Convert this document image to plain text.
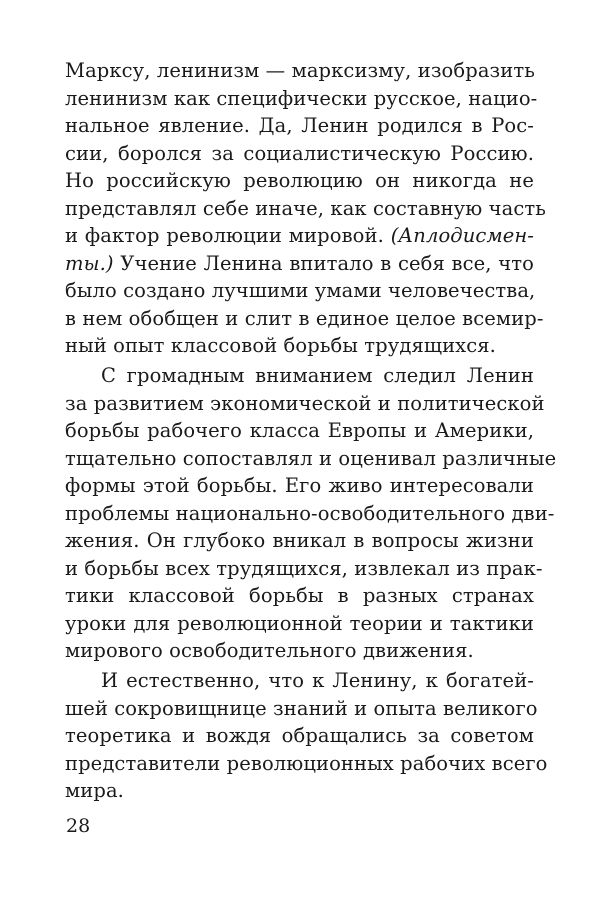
Марксу, ленинизм — марксизму, изобразить
ленинизм как специфически русское, нацио-
нальное явление. Да, Ленин родился в Рос-
сии, боролся за социалистическую Россию.
Но российскую революцию он никогда не
представлял себе иначе, как составную часть
и фактор революции мировой. (Аплодисмен-
ты.) Учение Ленина впитало в себя все, что
было создано лучшими умами человечества,
в нем обобщен и слит в единое целое всемир-
ный опыт классовой борьбы трудящихся.
С громадным вниманием следил Ленин
за развитием экономической и политической
борьбы рабочего класса Европы и Америки,
тщательно сопоставлял и оценивал различные
формы этой борьбы. Его живо интересовали
проблемы национально-освободительного дви-
жения. Он глубоко вникал в вопросы жизни
и борьбы всех трудящихся, извлекал из прак-
тики классовой борьбы в разных странах
уроки для революционной теории и тактики
мирового освободительного движения.
И естественно, что к Ленину, к богатей-
шей сокровищнице знаний и опыта великого
теоретика и вождя обращались за советом
представители революционных рабочих всего
мира.
28
